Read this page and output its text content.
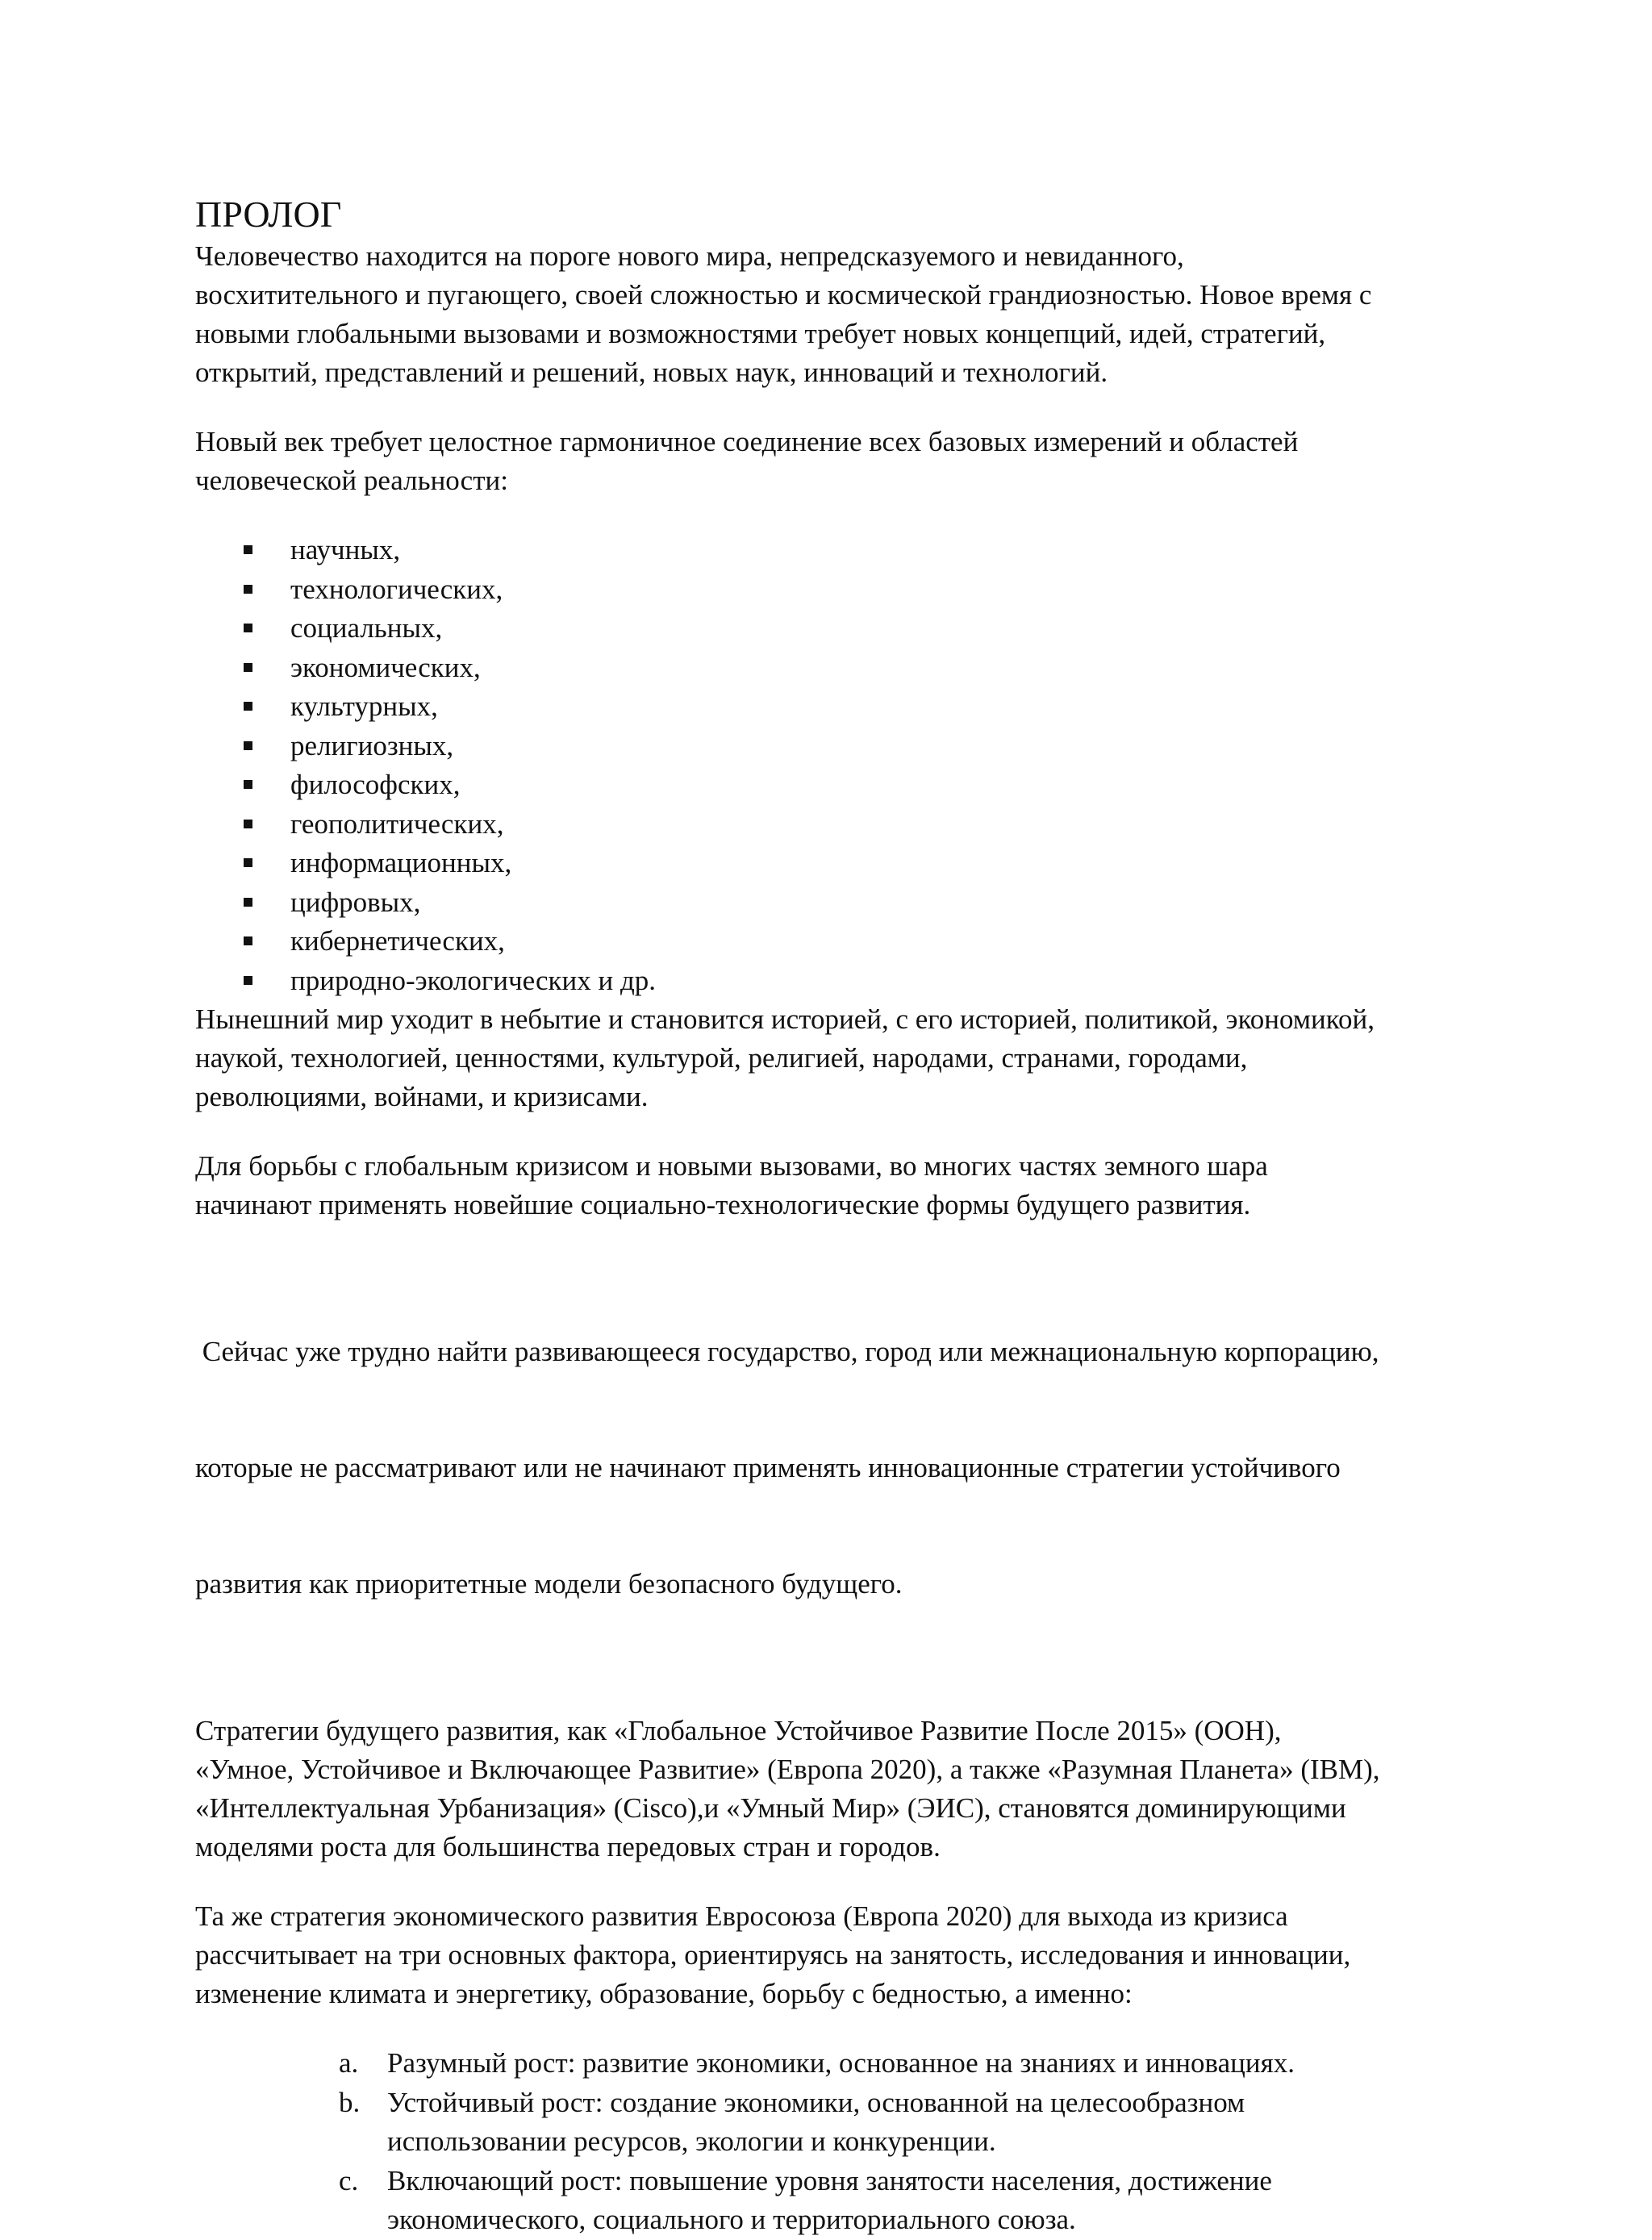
ПРОЛОГ
Человечество находится на пороге нового мира, непредсказуемого и невиданного,
восхитительного и пугающего, своей сложностью и космической грандиозностью. Новое время с
новыми глобальными вызовами и возможностями требует новых концепций, идей, стратегий,
открытий, представлений и решений, новых наук, инноваций и технологий.
Новый век требует целостное гармоничное соединение всех базовых измерений и областей
человеческой реальности:
научных,
технологических,
социальных,
экономических,
культурных,
религиозных,
философских,
геополитических,
информационных,
цифровых,
кибернетических,
природно-экологических и др.
Нынешний мир уходит в небытие и становится историей, с его историей, политикой, экономикой,
наукой, технологией, ценностями, культурой, религией, народами, странами, городами,
революциями, войнами, и кризисами.
Для борьбы с глобальным кризисом и новыми вызовами, во многих частях земного шара
начинают применять новейшие социально-технологические формы будущего развития.

Сейчас уже трудно найти развивающееся государство, город или межнациональную корпорацию,

которые не рассматривают или не начинают применять инновационные стратегии устойчивого

развития как приоритетные модели безопасного будущего.

Стратегии будущего развития, как «Глобальное Устойчивое Развитие После 2015» (ООН),
«Умное, Устойчивое и Включающее Развитие» (Европа 2020), а также «Разумная Планета» (IBM),
«Интеллектуальная Урбанизация» (Cisco),и «Умный Мир» (ЭИС), становятся доминирующими
моделями роста для большинства передовых стран и городов.
Та же стратегия экономического развития Евросоюза (Европа 2020) для выхода из кризиса
рассчитывает на три основных фактора, ориентируясь на занятость, исследования и инновации,
изменение климата и энергетику, образование, борьбу с бедностью, а именно:
a. Разумный рост: развитие экономики, основанное на знаниях и инновациях.
b. Устойчивый рост: создание экономики, основанной на целесообразном
использовании ресурсов, экологии и конкуренции.
c. Включающий рост: повышение уровня занятости населения, достижение
экономического, социального и территориального союза.
